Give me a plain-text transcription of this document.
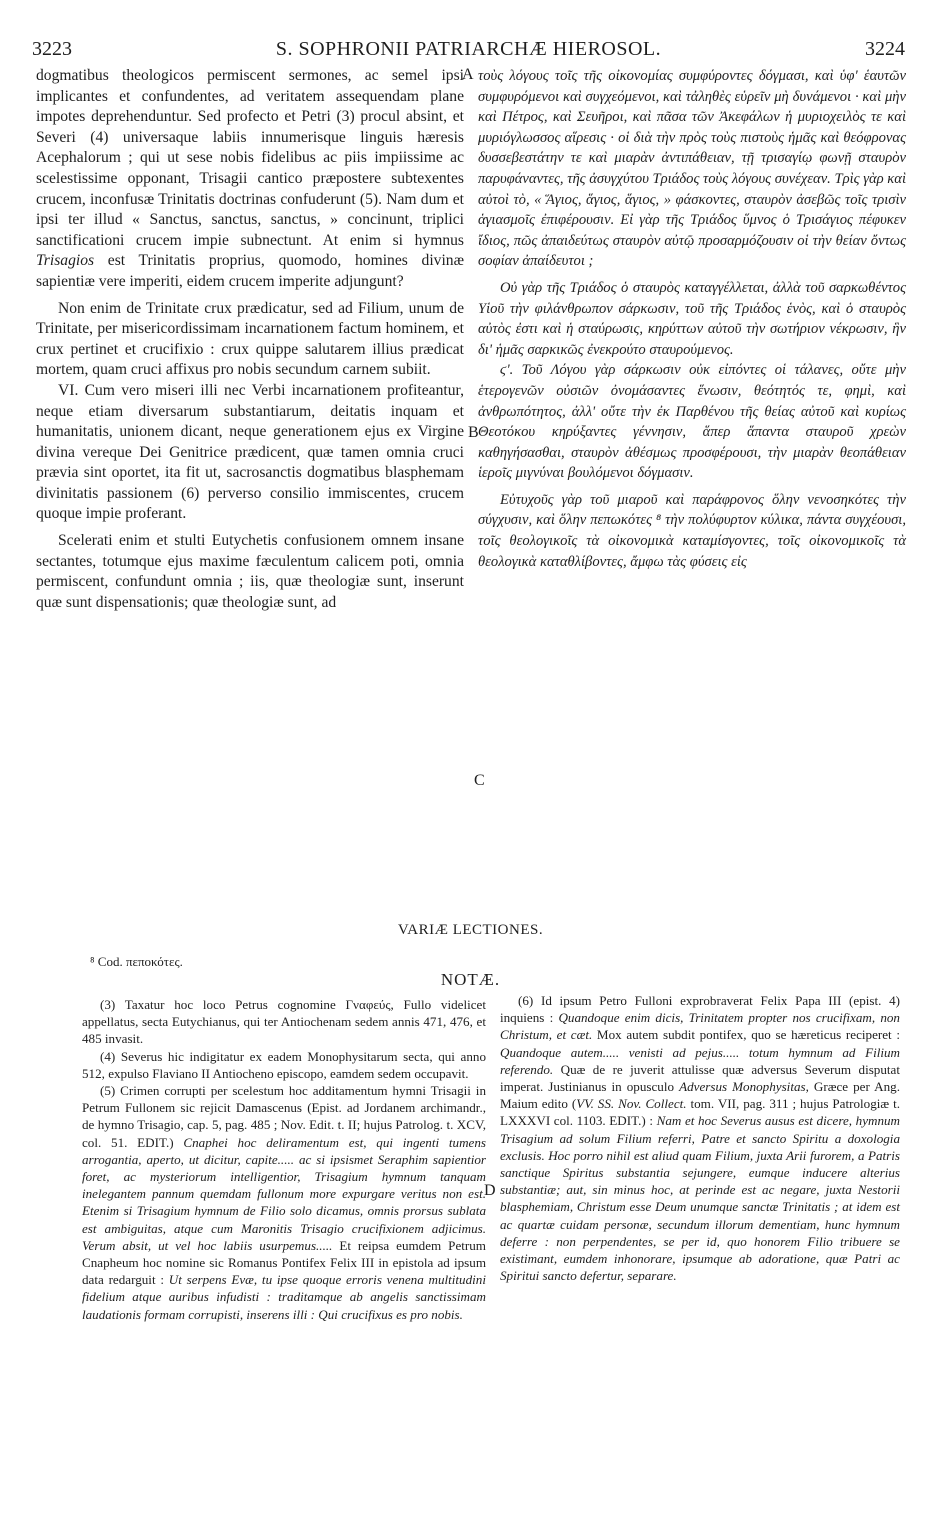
3223	S. SOPHRONII PATRIARCHÆ HIEROSOL.	3224

dogmatibus theologicos permiscent sermones, ac semel ipsi implicantes et confundentes, ad veritatem assequendam plane impotes deprehenduntur. Sed profecto et Petri (3) procul absint, et Severi (4) universaque labiis innumerisque linguis hæresis Acephalorum ; qui ut sese nobis fidelibus ac piis impiissime ac scelestissime opponant, Trisagii cantico præpostere subtexentes crucem, inconfusæ Trinitatis doctrinas confuderunt (5). Nam dum et ipsi ter illud « Sanctus, sanctus, sanctus, » concinunt, triplici sanctificationi crucem impie subnectunt. At enim si hymnus Trisagios est Trinitatis proprius, quomodo, homines divinæ sapientiæ vere imperiti, eidem crucem imperite adjungunt?

Non enim de Trinitate crux prædicatur, sed ad Filium, unum de Trinitate, per misericordissimam incarnationem factum hominem, et crux pertinet et crucifixio : crux quippe salutarem illius prædicat mortem, quam cruci affixus pro nobis secundum carnem subiit.

VI. Cum vero miseri illi nec Verbi incarnationem profiteantur, neque etiam diversarum substantiarum, deitatis inquam et humanitatis, unionem dicant, neque generationem ejus ex Virgine divina vereque Dei Genitrice prædicent, quæ tamen omnia cruci prævia sint oportet, ita fit ut, sacrosanctis dogmatibus blasphemam divinitatis passionem (6) perverso consilio immiscentes, crucem quoque impie proferant.

Scelerati enim et stulti Eutychetis confusionem omnem insane sectantes, totumque ejus maxime fæculentum calicem poti, omnia permiscent, confundunt omnia ; iis, quæ theologiæ sunt, inserunt quæ sunt dispensationis; quæ theologiæ sunt, ad

τοὺς λόγους τοῖς τῆς οἰκονομίας συμφύροντες δόγμασι, καὶ ὑφ' ἑαυτῶν συμφυρόμενοι καὶ συγχεόμενοι, καὶ τἀληθὲς εὑρεῖν μὴ δυνάμενοι · καὶ μὴν καὶ Πέτρος, καὶ Σευῆροι, καὶ πᾶσα τῶν Ἀκεφάλων ἡ μυριοχειλὸς τε καὶ μυριόγλωσσος αἵρεσις · οἱ διὰ τὴν πρὸς τοὺς πιστοὺς ἡμᾶς καὶ θεόφρονας δυσσεβεστάτην τε καὶ μιαρὰν ἀντιπάθειαν, τῇ τρισαγίῳ φωνῇ σταυρὸν παρυφάναντες, τῆς ἀσυγχύτου Τριάδος τοὺς λόγους συνέχεαν. Τρὶς γὰρ καὶ αὐτοὶ τὸ, « Ἅγιος, ἅγιος, ἅγιος, » φάσκοντες, σταυρὸν ἀσεβῶς τοῖς τρισὶν ἁγιασμοῖς ἐπιφέρουσιν. Εἰ γὰρ τῆς Τριάδος ὕμνος ὁ Τρισάγιος πέφυκεν ἴδιος, πῶς ἀπαιδεύτως σταυρὸν αὐτῷ προσαρμόζουσιν οἱ τὴν θείαν ὄντως σοφίαν ἀπαίδευτοι ;

Οὐ γὰρ τῆς Τριάδος ὁ σταυρὸς καταγγέλλεται, ἀλλὰ τοῦ σαρκωθέντος Υἱοῦ τὴν φιλάνθρωπον σάρκωσιν, τοῦ τῆς Τριάδος ἑνὸς, καὶ ὁ σταυρὸς αὐτὸς ἐστι καὶ ἡ σταύρωσις, κηρύττων αὐτοῦ τὴν σωτήριον νέκρωσιν, ἣν δι' ἡμᾶς σαρκικῶς ἐνεκρούτο σταυρούμενος.

ϛʹ. Τοῦ Λόγου γὰρ σάρκωσιν οὐκ εἰπόντες οἱ τάλανες, οὔτε μὴν ἑτερογενῶν οὐσιῶν ὀνομάσαντες ἕνωσιν, θεότητός τε, φημὶ, καὶ ἀνθρωπότητος, ἀλλ' οὔτε τὴν ἐκ Παρθένου τῆς θείας αὐτοῦ καὶ κυρίως Θεοτόκου κηρύξαντες γέννησιν, ἅπερ ἅπαντα σταυροῦ χρεὼν καθηγήσασθαι, σταυρὸν ἀθέσμως προσφέρουσι, τὴν μιαρὰν θεοπάθειαν ἱεροῖς μιγνύναι βουλόμενοι δόγμασιν.

Εὐτυχοῦς γὰρ τοῦ μιαροῦ καὶ παράφρονος ὅλην νενοσηκότες τὴν σύγχυσιν, καὶ ὅλην πεπωκότες ⁸ τὴν πολύφυρτον κύλικα, πάντα συγχέουσι, τοῖς θεολογικοῖς τὰ οἰκονομικὰ καταμίσγοντες, τοῖς οἰκονομικοῖς τὰ θεολογικὰ καταθλίβοντες, ἄμφω τὰς φύσεις εἰς

A
B
C
D
VARIÆ LECTIONES.
⁸ Cod. πεποκότες.
NOTÆ.

(3) Taxatur hoc loco Petrus cognomine Γναφεύς, Fullo videlicet appellatus, secta Eutychianus, qui ter Antiochenam sedem annis 471, 476, et 485 invasit.

(4) Severus hic indigitatur ex eadem Monophysitarum secta, qui anno 512, expulso Flaviano II Antiocheno episcopo, eamdem sedem occupavit.

(5) Crimen corrupti per scelestum hoc additamentum hymni Trisagii in Petrum Fullonem sic rejicit Damascenus (Epist. ad Jordanem archimandr., de hymno Trisagio, cap. 5, pag. 485 ; Nov. Edit. t. II; hujus Patrolog. t. XCV, col. 51. EDIT.) Cnaphei hoc deliramentum est, qui ingenti tumens arrogantia, aperto, ut dicitur, capite..... ac si ipsismet Seraphim sapientior foret, ac mysteriorum intelligentior, Trisagium hymnum tanquam inelegantem pannum quemdam fullonum more expurgare veritus non est. Etenim si Trisagium hymnum de Filio solo dicamus, omnis prorsus sublata est ambiguitas, atque cum Maronitis Trisagio crucifixionem adjicimus. Verum absit, ut vel hoc labiis usurpemus..... Et reipsa eumdem Petrum Cnapheum hoc nomine sic Romanus Pontifex Felix III in epistola ad ipsum data redarguit : Ut serpens Evæ, tu ipse quoque erroris venena multitudini fidelium atque auribus infudisti : traditamque ab angelis sanctissimam laudationis formam corrupisti, inserens illi : Qui crucifixus es pro nobis.

(6) Id ipsum Petro Fulloni exprobraverat Felix Papa III (epist. 4) inquiens : Quandoque enim dicis, Trinitatem propter nos crucifixam, non Christum, et cæt. Mox autem subdit pontifex, quo se hæreticus reciperet : Quandoque autem..... venisti ad pejus..... totum hymnum ad Filium referendo. Quæ de re juverit attulisse quæ adversus Severum disputat imperat. Justinianus in opusculo Adversus Monophysitas, Græce per Ang. Maium edito (VV. SS. Nov. Collect. tom. VII, pag. 311 ; hujus Patrologiæ t. LXXXVI col. 1103. EDIT.) : Nam et hoc Severus ausus est dicere, hymnum Trisagium ad solum Filium referri, Patre et sancto Spiritu a doxologia exclusis. Hoc porro nihil est aliud quam Filium, juxta Arii furorem, a Patris sanctique Spiritus substantia sejungere, eumque inducere alterius substantiæ; aut, sin minus hoc, at perinde est ac negare, juxta Nestorii blasphemiam, Christum esse Deum unumque sanctæ Trinitatis ; at idem est ac quartæ cuidam personæ, secundum illorum dementiam, hunc hymnum deferre : non perpendentes, se per id, quo honorem Filio tribuere se existimant, eumdem inhonorare, ipsumque ab adoratione, quæ Patri ac Spiritui sancto defertur, separare.
